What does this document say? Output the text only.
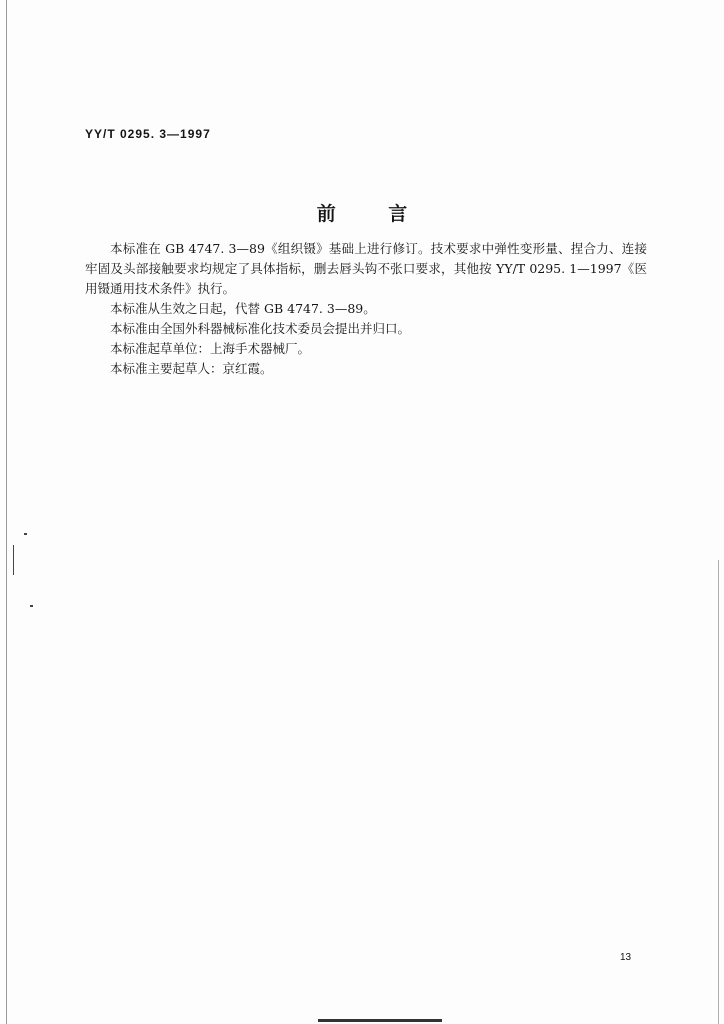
YY/T 0295. 3—1997
前 言

本标准在 GB 4747. 3—89《组织镊》基础上进行修订。技术要求中弹性变形量、捏合力、连接牢固及头部接触要求均规定了具体指标，删去唇头钩不张口要求，其他按 YY/T 0295. 1—1997《医用镊通用技术条件》执行。

本标准从生效之日起，代替 GB 4747. 3—89。

本标准由全国外科器械标准化技术委员会提出并归口。

本标准起草单位：上海手术器械厂。

本标准主要起草人：京红霞。

13
